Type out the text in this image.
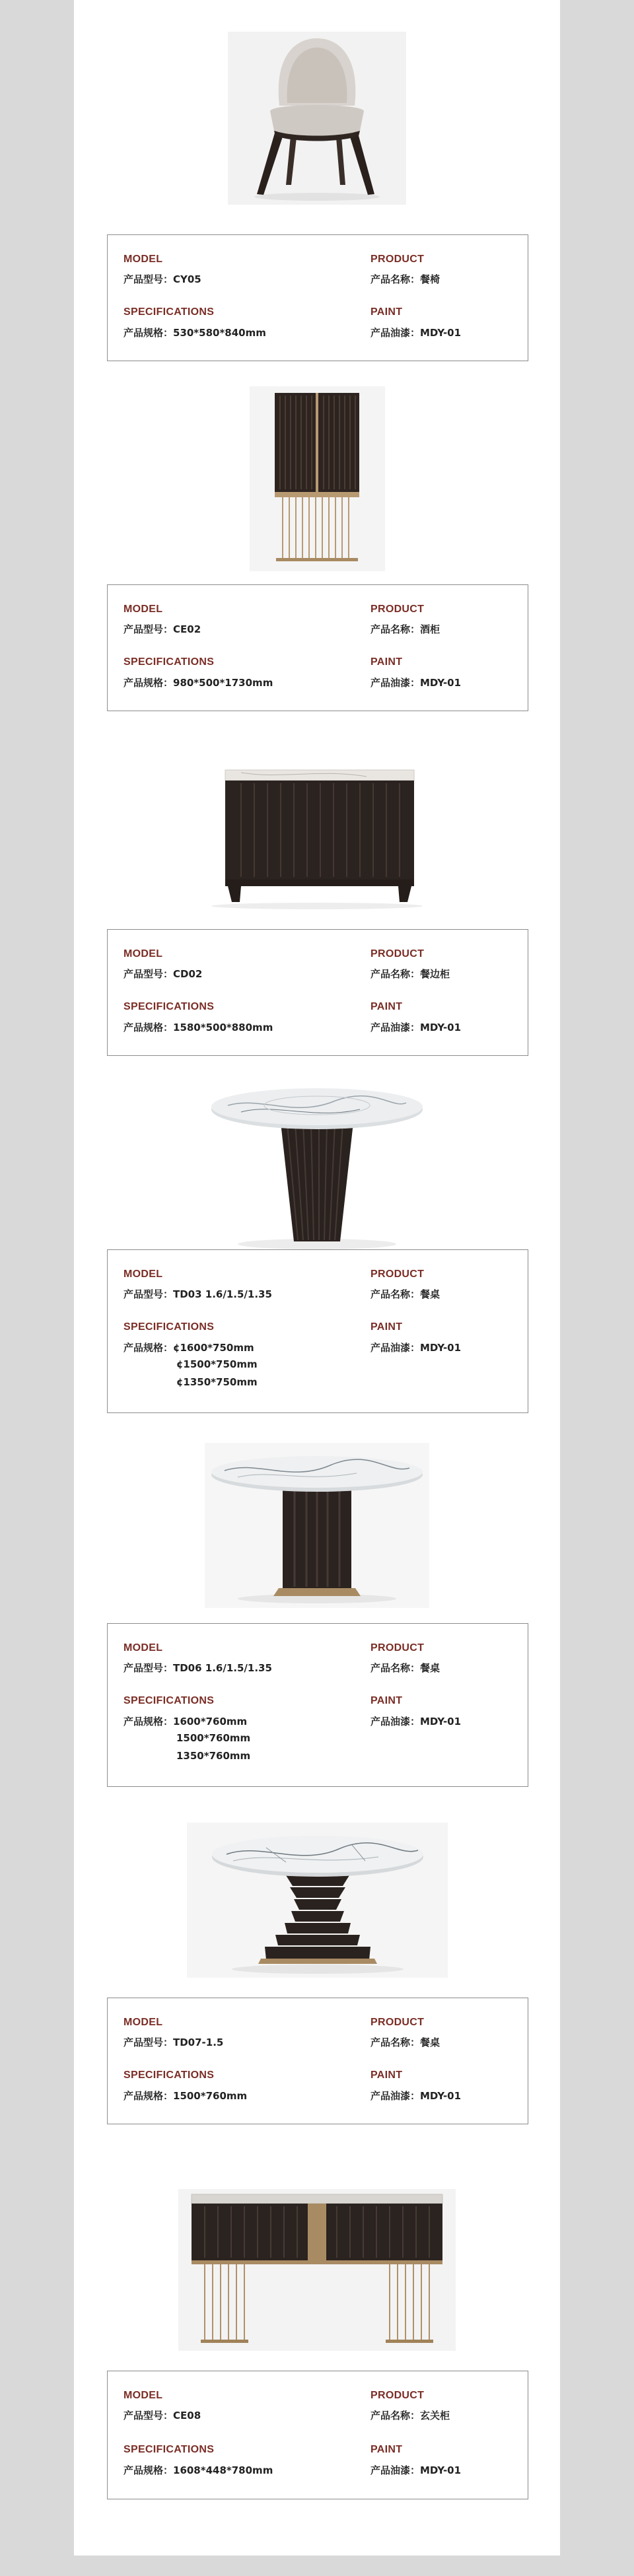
MODEL
产品型号：CY05
SPECIFICATIONS
产品规格：530*580*840mm
PRODUCT
产品名称：餐椅
PAINT
产品油漆：MDY-01
MODEL
产品型号：CE02
SPECIFICATIONS
产品规格：980*500*1730mm
PRODUCT
产品名称：酒柜
PAINT
产品油漆：MDY-01
MODEL
产品型号：CD02
SPECIFICATIONS
产品规格：1580*500*880mm
PRODUCT
产品名称：餐边柜
PAINT
产品油漆：MDY-01
MODEL
产品型号：TD03 1.6/1.5/1.35
SPECIFICATIONS
产品规格：¢1600*750mm
¢1500*750mm
¢1350*750mm
PRODUCT
产品名称：餐桌
PAINT
产品油漆：MDY-01
MODEL
产品型号：TD06 1.6/1.5/1.35
SPECIFICATIONS
产品规格：1600*760mm
1500*760mm
1350*760mm
PRODUCT
产品名称：餐桌
PAINT
产品油漆：MDY-01
MODEL
产品型号：TD07-1.5
SPECIFICATIONS
产品规格：1500*760mm
PRODUCT
产品名称：餐桌
PAINT
产品油漆：MDY-01
MODEL
产品型号：CE08
SPECIFICATIONS
产品规格：1608*448*780mm
PRODUCT
产品名称：玄关柜
PAINT
产品油漆：MDY-01
